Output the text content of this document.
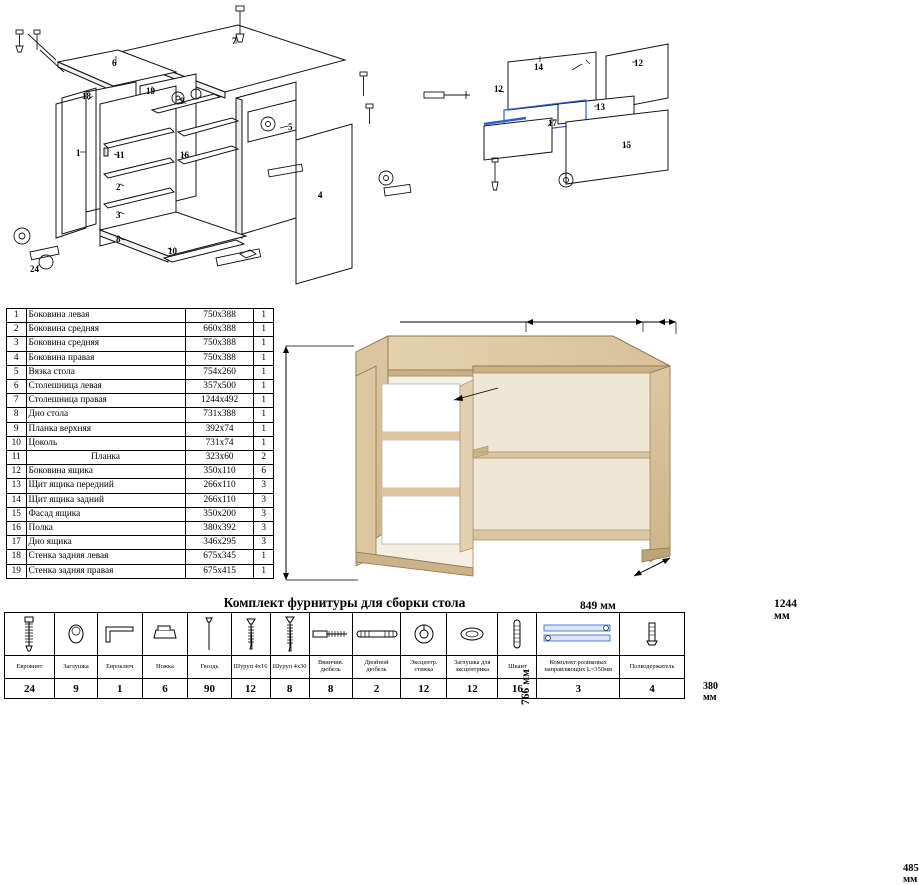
6
7
19
18	9
5
1	11	16
2
3
8
10
4
24
14	12
12
13
17
15
1	Боковина левая	750x388	1
2	Боковина средняя	660x388	1
3	Боковина средняя	750x388	1
4	Боковина правая	750x388	1
5	Вязка стола	754x260	1
6	Столешница левая	357x500	1
7	Столешница правая	1244x492	1
8	Дно стола	731x388	1
9	Планка верхняя	392x74	1
10	Цоколь	731x74	1
11	Планка	323x60	2
12	Боковина ящика	350x110	6
13	Щит ящика передний	266x110	3
14	Щит ящика задний	266x110	3
15	Фасад ящика	350x200	3
16	Полка	380x392	3
17	Дно ящика	346x295	3
18	Стенка задняя левая	675x345	1
19	Стенка задняя правая	675x415	1
849 мм	1244 мм
380 мм
766 мм
485 мм
Комплект фурнитуры для сборки стола

Евровинт	Заглушка	Евроключ	Ножка	Гвоздь	Шуруп 4х16	Шуруп 4х30	Ввинчив. дюбель	Двойной дюбель	Эксцентр. стяжка	Заглушка для эксцентрика	Шкант	Комплект роликовых направляющих L=350мм	Полкодержатель
24	9	1	6	90	12	8	8	2	12	12	16	3	4
